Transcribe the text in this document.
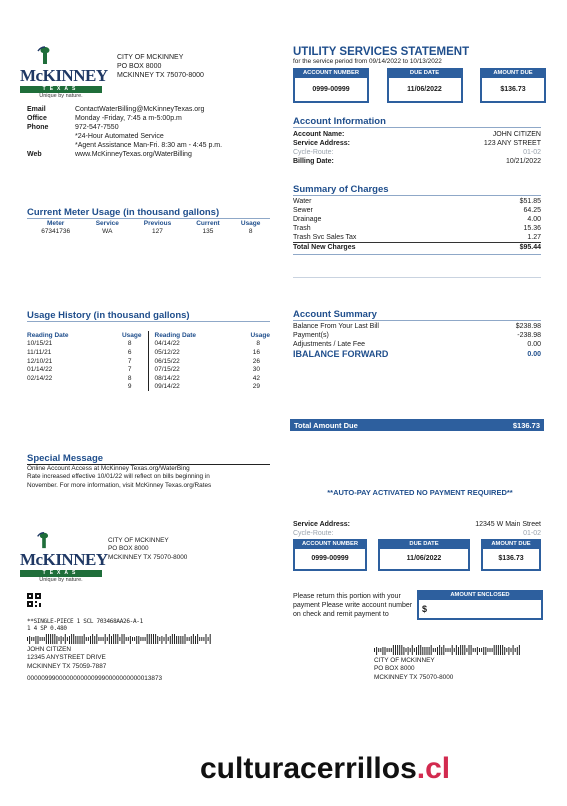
McKINNEY
TEXAS
Unique by nature.
CITY OF MCKINNEY
PO BOX 8000
MCKINNEY TX 75070-8000
Email	ContactWaterBilling@McKinneyTexas.org
Office	Monday -Friday, 7:45 a m-5:00p.m
Phone	972-547-7550
*24-Hour Automated Service
*Agent Assistance Man-Fri. 8:30 am - 4:45 p.m.
Web	www.McKinneyTexas.org/WaterBilling
UTILITY SERVICES STATEMENT
for the service period from 09/14/2022 to 10/13/2022
ACCOUNT NUMBER
0999-00999
DUE DATE
11/06/2022
AMOUNT DUE
$136.73
Account Information
Account Name:	JOHN CITIZEN
Service Address:	123 ANY STREET
Cycle-Route:	01-02
Billing Date:	10/21/2022
Summary of Charges
Water	$51.85
Sewer	64.25
Drainage	4.00
Trash	15.36
Trash Svc Sales Tax	1.27
Total New Charges	$95.44
Current Meter Usage (in thousand gallons)
Meter	Service	Previous	Current	Usage
67341736	WA	127	135	8
Usage History (in thousand gallons)
Reading Date	Usage
10/15/21	8
11/11/21	6
12/10/21	7
01/14/22	7
02/14/22	8
	9
Reading Date	Usage
04/14/22	8
05/12/22	16
06/15/22	26
07/15/22	30
08/14/22	42
09/14/22	29
Account Summary
Balance From Your Last Bill	$238.98
Payment(s)	-238.98
Adjustments / Late Fee	0.00
IBALANCE FORWARD	0.00
Total Amount Due	$136.73
Special Message
Online Account Access at McKinney Texas.org/WaterBing
Rate increased effective 10/01/22 will reflect on bills beginning in
November. For more information, visit McKinney Texas.org/Rates
**AUTO-PAY ACTIVATED NO PAYMENT REQUIRED**
McKINNEY
TEXAS
Unique by nature.
CITY OF MCKINNEY
PO BOX 8000
MCKINNEY TX 75070-8000
Service Address:	12345 W Main Street
Cycle-Route:	01-02
ACCOUNT NUMBER
0999-00999
DUE DATE
11/06/2022
AMOUNT DUE
$136.73
Please return this portion with your payment Please write account number on check and remit payment to
AMOUNT ENCLOSED
$
**SINGLE-PIECE 1 SCL 703468AA26-A-1
1 4 SP 0.480
JOHN CITIZEN
12345 ANYSTREET DRIVE
MCKINNEY TX 75059-7887
00000999000000000009990000000000013873
CITY OF MCKINNEY
PO BOX 8000
MCKINNEY TX 75070-8000
culturacerrillos.cl
